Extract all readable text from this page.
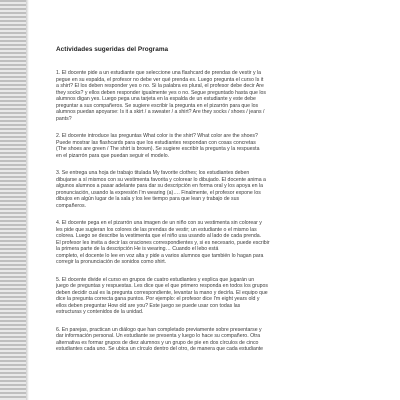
Actividades sugeridas del Programa
1. El docente pide a un estudiante que seleccione una flashcard de prendas de vestir y la
pegue en su espalda, el profesor no debe ver qué prenda es. Luego pregunta el curso Is it
a shirt? El los deben responder yes o no. Si la palabra es plural, el profesor debe decir Are
they socks? y ellos deben responder igualmente yes o no. Segue preguntado hasta que los
alumnos digan yes. Luego pega una tarjeta en la espalda de un estudiante y este debe
preguntar a sus compañeros. Se sugiere escribir la pregunta en el pizarrón para que los
alumnos puedan apoyarse: Is it a skirt / a sweater / a shirt? Are they socks / shoes / jeans /
pants?
2. El docente introduce las preguntas What color is the shirt? What color are the shoes?
Puede mostrar las flashcards para que los estudiantes respondan con cosas concretas
(The shoes are green / The shirt is brown). Se sugiere escribir la pregunta y la respuesta
en el pizarrón para que puedan seguir el modelo.
3. Se entrega una hoja de trabajo titulada My favorite clothes; los estudiantes deben
dibujarse a sí mismos con su vestimenta favorita y colorear lo dibujado. El docente anima a
algunos alumnos a pasar adelante para dar su descripción en forma oral y los apoya en la
pronunciación, usando la expresión I'm wearing (a)…. Finalmente, el profesor expone los
dibujos en algún lugar de la sala y los lee tiempo para que lean y trabajo de sus
compañeros.
4. El docente pega en el pizarrón una imagen de un niño con su vestimenta sin colorear y
les pide que sugieran los colores de las prendas de vestir; un estudiante o el mismo las
colorea. Luego se describe la vestimenta que el niño usa usando al lado de cada prenda.
El profesor les invita a decir las oraciones correspondientes y, si es necesario, puede escribir
la primera parte de la descripción He is wearing… Cuando el lebo está
completo, el docente lo lee en voz alta y pide a varios alumnos que también lo hagan para
corregir la pronunciación de sonidos como shirt.
5. El docente divide el curso en grupos de cuatro estudiantes y explica que jugarán un
juego de preguntas y respuestas. Les dice que el que primero responda en todos los grupos
deben decidir cual es la pregunta correspondiente, levantar la mano y decirla. El equipo que
dice la pregunta correcta gana puntos. Por ejemplo: el profesor dice I'm eight years old y
ellos deben preguntar How old are you? Este juego se puede usar con todas las
estructuras y contenidos de la unidad.
6. En parejas, practican un diálogo que han completado previamente sobre presentarse y
dar información personal. Un estudiante se presenta y luego lo hace su compañero. Otra
alternativa es formar grupos de diez alumnos y un grupo de pie en dos círculos de cinco
estudiantes cada uno. Se ubica un círculo dentro del otro, de manera que cada estudiante
